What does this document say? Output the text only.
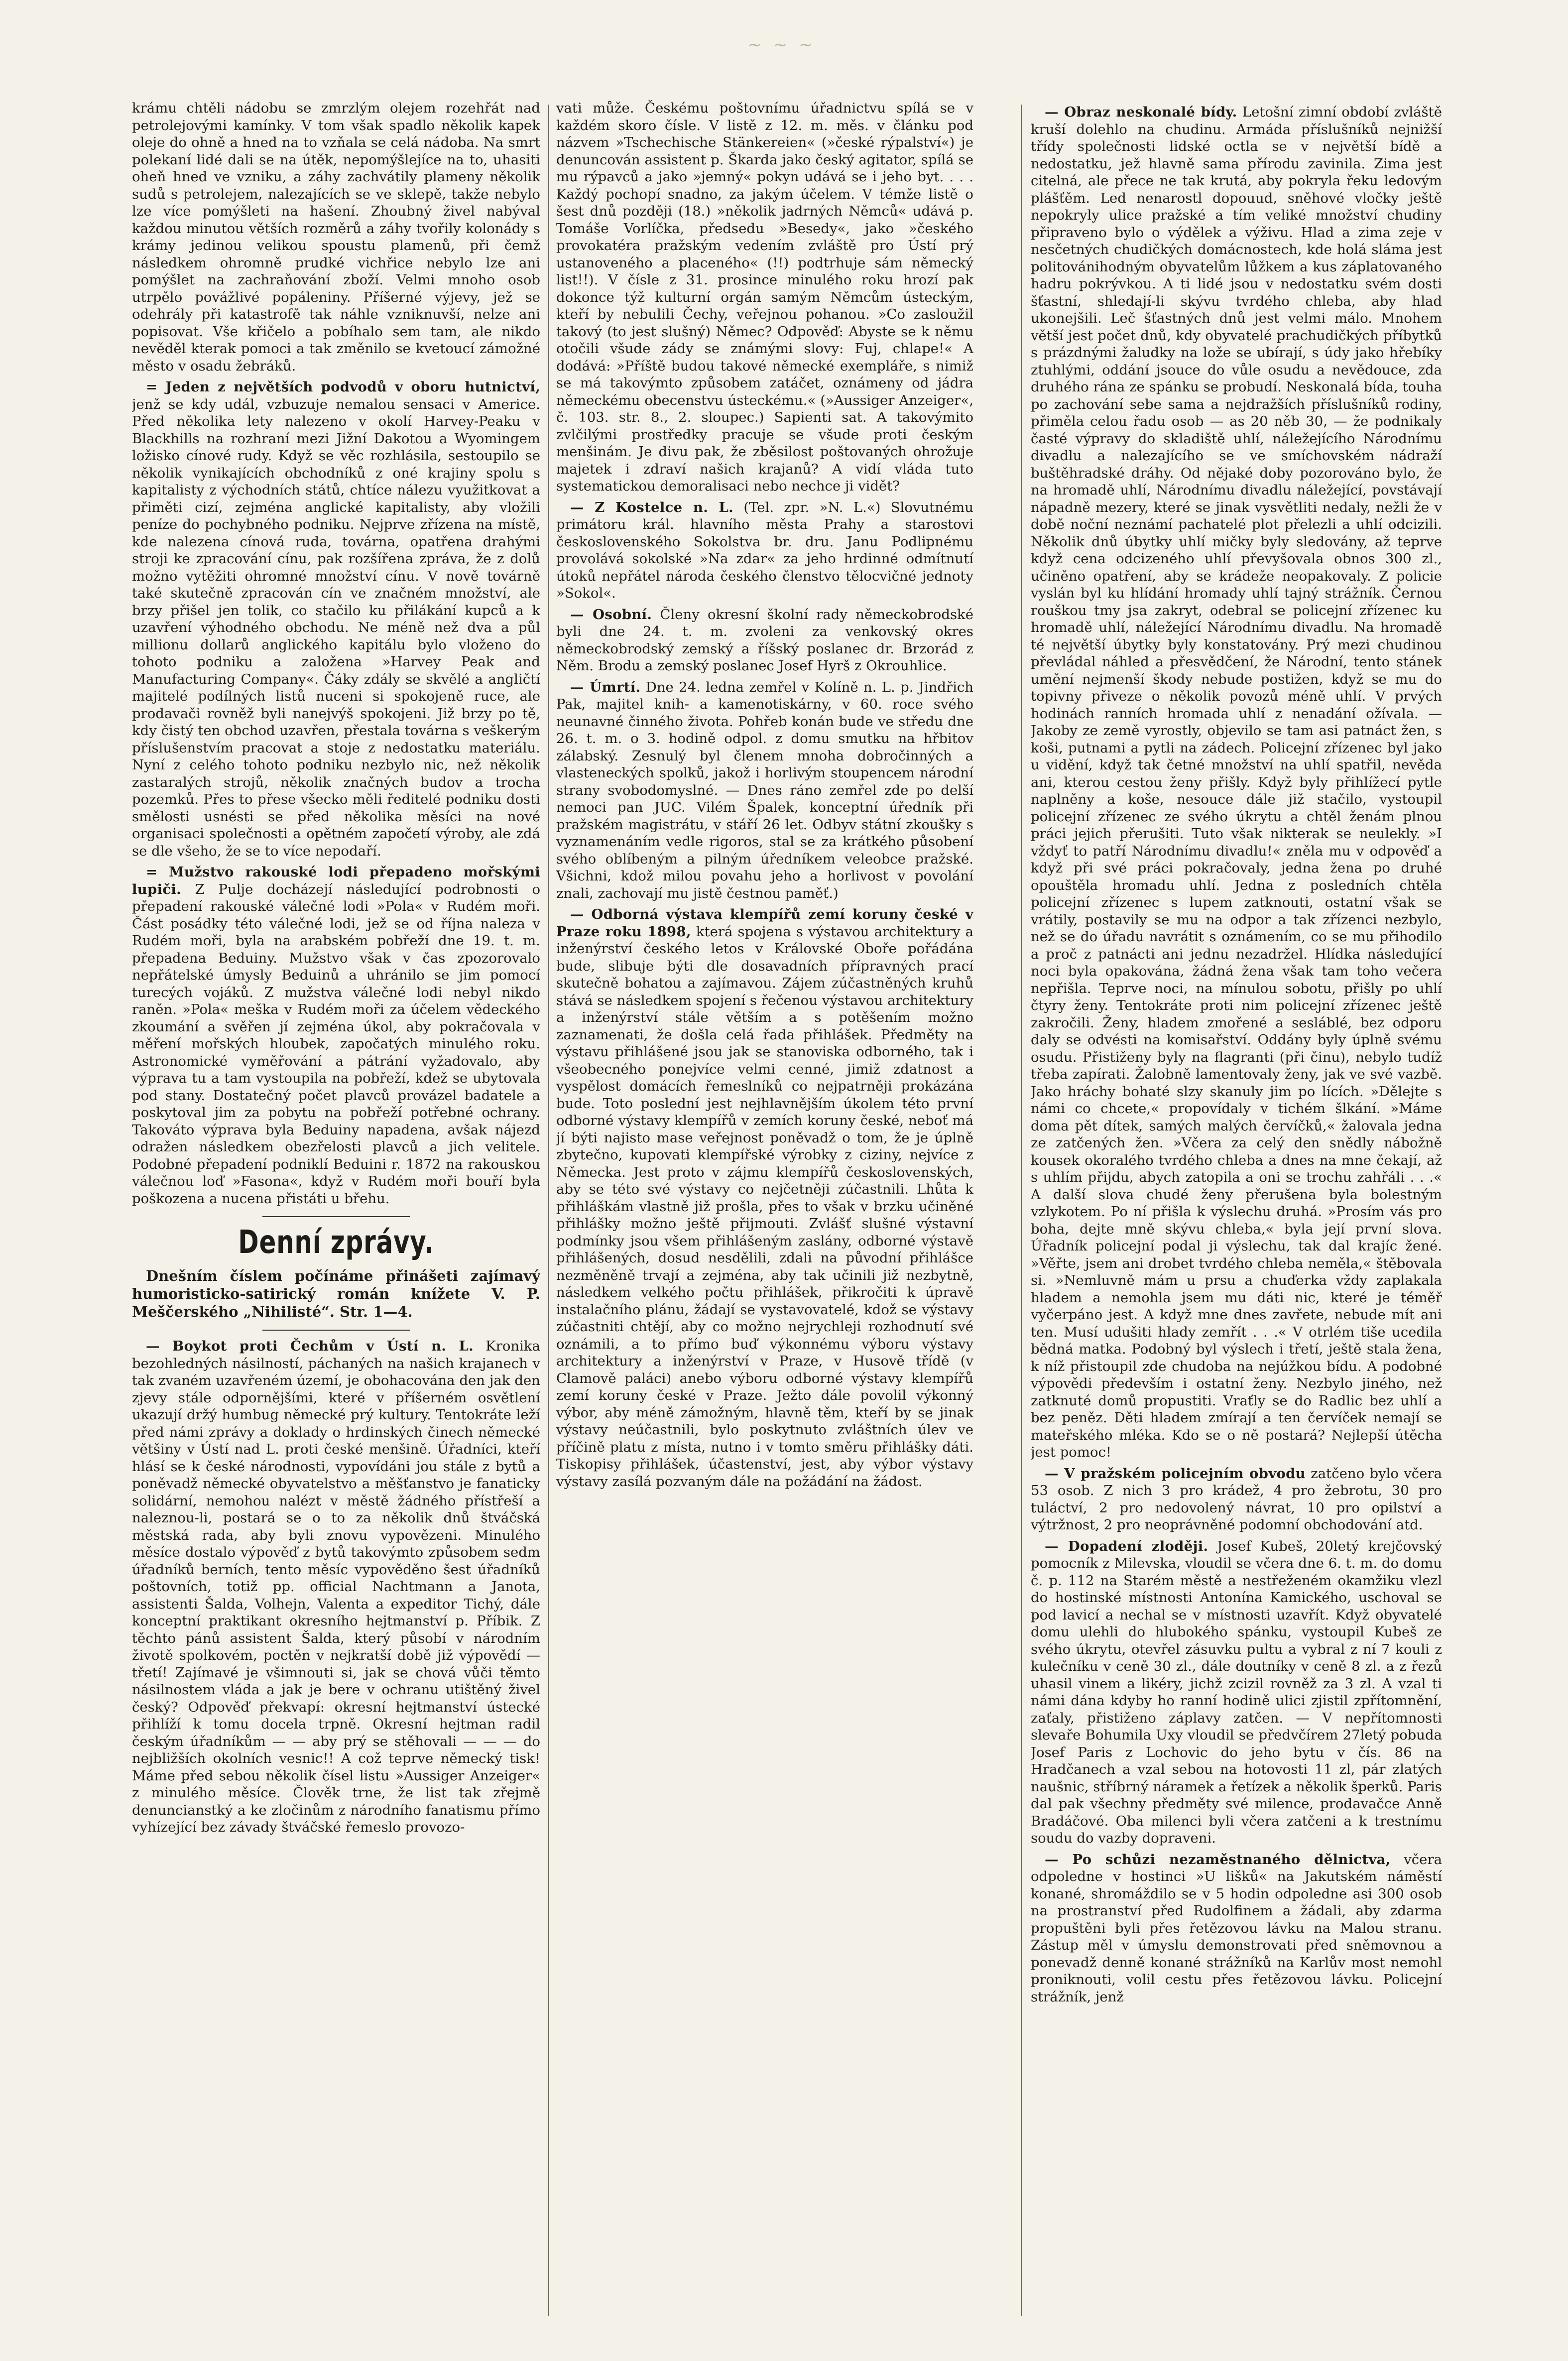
~ ~ ~

krámu chtěli nádobu se zmrzlým olejem rozehřát nad petrolejovými kamínky. V tom však spadlo několik kapek oleje do ohně a hned na to vzňala se celá nádoba. Na smrt polekaní lidé dali se na útěk, nepomýšlejíce na to, uhasiti oheň hned ve vzniku, a záhy zachvátily plameny několik sudů s petrolejem, nalezajících se ve sklepě, takže nebylo lze více pomýšleti na hašení. Zhoubný živel nabýval každou minutou větších rozměrů a záhy tvořily kolonády s krámy jedinou velikou spoustu plamenů, při čemž následkem ohromně prudké vichřice nebylo lze ani pomýšlet na zachraňování zboží. Velmi mnoho osob utrpělo povážlivé popáleniny. Příšerné výjevy, jež se odehrály při katastrofě tak náhle vzniknuvší, nelze ani popisovat. Vše křičelo a pobíhalo sem tam, ale nikdo nevěděl kterak pomoci a tak změnilo se kvetoucí zámožné město v osadu žebráků.

= Jeden z největších podvodů v oboru hutnictví, jenž se kdy udál, vzbuzuje nemalou sensaci v Americe. Před několika lety nalezeno v okolí Harvey-Peaku v Blackhills na rozhraní mezi Jižní Dakotou a Wyomingem ložisko cínové rudy. Když se věc rozhlásila, sestoupilo se několik vynikajících obchodníků z oné krajiny spolu s kapitalisty z východních států, chtíce nálezu využitkovat a přiměti cizí, zejména anglické kapitalisty, aby vložili peníze do pochybného podniku. Nejprve zřízena na místě, kde nalezena cínová ruda, továrna, opatřena drahými stroji ke zpracování cínu, pak rozšířena zpráva, že z dolů možno vytěžiti ohromné množství cínu. V nově továrně také skutečně zpracován cín ve značném množství, ale brzy přišel jen tolik, co stačilo ku přilákání kupců a k uzavření výhodného obchodu. Ne méně než dva a půl millionu dollarů anglického kapitálu bylo vloženo do tohoto podniku a založena »Harvey Peak and Manufacturing Company«. Čáky zdály se skvělé a angličtí majitelé podílných listů nuceni si spokojeně ruce, ale prodavači rovněž byli nanejvýš spokojeni. Již brzy po tě, kdy čistý ten obchod uzavřen, přestala továrna s veškerým příslušenstvím pracovat a stoje z nedostatku materiálu. Nyní z celého tohoto podniku nezbylo nic, než několik zastaralých strojů, několik značných budov a trocha pozemků. Přes to přese všecko měli ředitelé podniku dosti smělosti usnésti se před několika měsíci na nové organisaci společnosti a opětném započetí výroby, ale zdá se dle všeho, že se to více nepodaří.

= Mužstvo rakouské lodi přepadeno mořskými lupiči. Z Pulje docházejí následující podrobnosti o přepadení rakouské válečné lodi »Pola« v Rudém moři. Část posádky této válečné lodi, jež se od října naleza v Rudém moři, byla na arabském pobřeží dne 19. t. m. přepadena Beduiny. Mužstvo však v čas zpozorovalo nepřátelské úmysly Beduinů a uhránilo se jim pomocí turecých vojáků. Z mužstva válečné lodi nebyl nikdo raněn. »Pola« meška v Rudém moři za účelem vědeckého zkoumání a svěřen jí zejména úkol, aby pokračovala v měření mořských hloubek, započatých minulého roku. Astronomické vyměřování a pátrání vyžadovalo, aby výprava tu a tam vystoupila na pobřeží, kdež se ubytovala pod stany. Dostatečný počet plavců provázel badatele a poskytoval jim za pobytu na pobřeží potřebné ochrany. Takováto výprava byla Beduiny napadena, avšak nájezd odražen následkem obezřelosti plavců a jich velitele. Podobné přepadení podniklí Beduini r. 1872 na rakouskou válečnou loď »Fasona«, když v Rudém moři bouří byla poškozena a nucena přistáti u břehu.

Denní zprávy.

Dnešním číslem počínáme přinášeti zajímavý humoristicko-satirický román knížete V. P. Meščerského „Nihilisté“. Str. 1—4.

— Boykot proti Čechům v Ústí n. L. Kronika bezohledných násilností, páchaných na našich krajanech v tak zvaném uzavřeném území, je obohacována den jak den zjevy stále odpornějšími, které v příšerném osvětlení ukazují držý humbug německé prý kultury. Tentokráte leží před námi zprávy a doklady o hrdinských činech německé většiny v Ústí nad L. proti české menšině. Úřadníci, kteří hlásí se k české národnosti, vypovídáni jou stále z bytů a poněvadž německé obyvatelstvo a měšťanstvo je fanaticky solidární, nemohou nalézt v městě žádného přístřeší a naleznou-li, postará se o to za několik dnů štváčská městská rada, aby byli znovu vypovězeni. Minulého měsíce dostalo výpověď z bytů takovýmto způsobem sedm úřadníků berních, tento měsíc vypověděno šest úřadníků poštovních, totiž pp. official Nachtmann a Janota, assistenti Šalda, Volhejn, Valenta a expeditor Tichý, dále konceptní praktikant okresního hejtmanství p. Příbik. Z těchto pánů assistent Šalda, který působí v národním životě spolkovém, poctěn v nejkratší době již výpovědí — třetí! Zajímavé je všimnouti si, jak se chová vůči těmto násilnostem vláda a jak je bere v ochranu utištěný živel český? Odpověď překvapí: okresní hejtmanství ústecké přihlíží k tomu docela trpně. Okresní hejtman radil českým úřadníkům — — aby prý se stěhovali — — — do nejbližších okolních vesnic!! A což teprve německý tisk! Máme před sebou několik čísel listu »Aussiger Anzeiger« z minulého měsíce. Člověk trne, že list tak zřejmě denuncianstký a ke zločinům z národního fanatismu přímo vyhízející bez závady štváčské řemeslo provozo-

vati může. Českému poštovnímu úřadnictvu spílá se v každém skoro čísle. V listě z 12. m. měs. v článku pod názvem »Tschechische Stänkereien« (»české rýpalství«) je denuncován assistent p. Škarda jako český agitator, spílá se mu rýpavců a jako »jemný« pokyn udává se i jeho byt. . . . Každý pochopí snadno, za jakým účelem. V témže listě o šest dnů později (18.) »několik jadrných Němců« udává p. Tomáše Vorlíčka, předsedu »Besedy«, jako »českého provokatéra pražským vedením zvláště pro Ústí prý ustanoveného a placeného« (!!) podtrhuje sám německý list!!). V čísle z 31. prosince minulého roku hrozí pak dokonce týž kulturní orgán samým Němcům ústeckým, kteří by nebulili Čechy, veřejnou pohanou. »Co zasloužil takový (to jest slušný) Němec? Odpověď: Abyste se k němu otočili všude zády se známými slovy: Fuj, chlape!« A dodává: »Příště budou takové německé exempláře, s nimiž se má takovýmto způsobem zatáčet, oznámeny od jádra německému obecenstvu ústeckému.« (»Aussiger Anzeiger«, č. 103. str. 8., 2. sloupec.) Sapienti sat. A takovýmito zvlčilými prostředky pracuje se všude proti českým menšinám. Je divu pak, že zběsilost poštovaných ohrožuje majetek i zdraví našich krajanů? A vidí vláda tuto systematickou demoralisaci nebo nechce ji vidět?

— Z Kostelce n. L. (Tel. zpr. »N. L.«) Slovutnému primátoru král. hlavního města Prahy a starostovi československého Sokolstva br. dru. Janu Podlipnému provolává sokolské »Na zdar« za jeho hrdinné odmítnutí útoků nepřátel národa českého členstvo tělocvičné jednoty »Sokol«.

— Osobní. Členy okresní školní rady německobrodské byli dne 24. t. m. zvoleni za venkovský okres německobrodský zemský a říšský poslanec dr. Brzorád z Něm. Brodu a zemský poslanec Josef Hyrš z Okrouhlice.

— Úmrtí. Dne 24. ledna zemřel v Kolíně n. L. p. Jindřich Pak, majitel knih- a kamenotiskárny, v 60. roce svého neunavné činného života. Pohřeb konán bude ve středu dne 26. t. m. o 3. hodině odpol. z domu smutku na hřbitov zálabský. Zesnulý byl členem mnoha dobročinných a vlasteneckých spolků, jakož i horlivým stoupencem národní strany svobodomyslné. — Dnes ráno zemřel zde po delší nemoci pan JUC. Vilém Špalek, konceptní úředník při pražském magistrátu, v stáří 26 let. Odbyv státní zkoušky s vyznamenáním vedle rigoros, stal se za krátkého působení svého oblíbeným a pilným úředníkem veleobce pražské. Všichni, kdož milou povahu jeho a horlivost v povolání znali, zachovají mu jistě čestnou paměť.)

— Odborná výstava klempířů zemí koruny české v Praze roku 1898, která spojena s výstavou architektury a inženýrství českého letos v Královské Oboře pořádána bude, slibuje býti dle dosavadních přípravných prací skutečně bohatou a zajímavou. Zájem zúčastněných kruhů stává se následkem spojení s řečenou výstavou architektury a inženýrství stále větším a s potěšením možno zaznamenati, že došla celá řada přihlášek. Předměty na výstavu přihlášené jsou jak se stanoviska odborného, tak i všeobecného ponejvíce velmi cenné, jimiž zdatnost a vyspělost domácích řemeslníků co nejpatrněji prokázána bude. Toto poslední jest nejhlavnějším úkolem této první odborné výstavy klempířů v zemích koruny české, neboť má jí býti najisto mase veřejnost poněvadž o tom, že je úplně zbytečno, kupovati klempířské výrobky z ciziny, nejvíce z Německa. Jest proto v zájmu klempířů československých, aby se této své výstavy co nejčetněji zúčastnili. Lhůta k přihláškám vlastně již prošla, přes to však v brzku učiněné přihlášky možno ještě přijmouti. Zvlášť slušné výstavní podmínky jsou všem přihlášeným zaslány, odborné výstavě přihlášených, dosud nesdělili, zdali na původní přihlášce nezměněně trvají a zejména, aby tak učinili již nezbytně, následkem velkého počtu přihlášek, přikročiti k úpravě instalačního plánu, žádají se vystavovatelé, kdož se výstavy zúčastniti chtějí, aby co možno nejrychleji rozhodnutí své oznámili, a to přímo buď výkonnému výboru výstavy architektury a inženýrství v Praze, v Husově třídě (v Clamově paláci) anebo výboru odborné výstavy klempířů zemí koruny české v Praze. Ježto dále povolil výkonný výbor, aby méně zámožným, hlavně těm, kteří by se jinak výstavy neúčastnili, bylo poskytnuto zvláštních úlev ve příčině platu z místa, nutno i v tomto směru přihlášky dáti. Tiskopisy přihlášek, účastenství, jest, aby výbor výstavy výstavy zasílá pozvaným dále na požádání na žádost.

— Obraz neskonalé bídy. Letošní zimní období zvláště kruší dolehlo na chudinu. Armáda příslušníků nejnižší třídy společnosti lidské octla se v největší bídě a nedostatku, jež hlavně sama přírodu zavinila. Zima jest citelná, ale přece ne tak krutá, aby pokryla řeku ledovým plášťěm. Led nenarostl dopouud, sněhové vločky ještě nepokryly ulice pražské a tím veliké množství chudiny připraveno bylo o výdělek a výživu. Hlad a zima zeje v nesčetných chudičkých domácnostech, kde holá sláma jest politovánihodným obyvatelům lůžkem a kus záplatovaného hadru pokrývkou. A ti lidé jsou v nedostatku svém dosti šťastní, shledají-li skývu tvrdého chleba, aby hlad ukonejšili. Leč šťastných dnů jest velmi málo. Mnohem větší jest počet dnů, kdy obyvatelé prachudičkých příbytků s prázdnými žaludky na lože se ubírají, s údy jako hřebíky ztuhlými, oddání jsouce do vůle osudu a nevědouce, zda druhého rána ze spánku se probudí. Neskonalá bída, touha po zachování sebe sama a nejdražších příslušníků rodiny, přiměla celou řadu osob — as 20 něb 30, — že podnikaly časté výpravy do skladiště uhlí, náležejícího Národnímu divadlu a nalezajícího se ve smíchovském nádraží buštěhradské dráhy. Od nějaké doby pozorováno bylo, že na hromadě uhlí, Národnímu divadlu náležející, povstávají nápadně mezery, které se jinak vysvětliti nedaly, nežli že v době noční neznámí pachatelé plot přelezli a uhlí odcizili. Několik dnů úbytky uhlí mičky byly sledovány, až teprve když cena odcizeného uhlí převyšovala obnos 300 zl., učiněno opatření, aby se krádeže neopakovaly. Z policie vyslán byl ku hlídání hromady uhlí tajný strážník. Černou rouškou tmy jsa zakryt, odebral se policejní zřízenec ku hromadě uhlí, náležející Národnímu divadlu. Na hromadě té největší úbytky byly konstatovány. Prý mezi chudinou převládal náhled a přesvědčení, že Národní, tento stánek umění nejmenší škody nebude postižen, když se mu do topivny přiveze o několik povozů méně uhlí. V prvých hodinách ranních hromada uhlí z nenadání ožívala. — Jakoby ze země vyrostly, objevilo se tam asi patnáct žen, s koši, putnami a pytli na zádech. Policejní zřízenec byl jako u vidění, když tak četné množství na uhlí spatřil, nevěda ani, kterou cestou ženy přišly. Když byly přihlížecí pytle naplněny a koše, nesouce dále již stačilo, vystoupil policejní zřízenec ze svého úkrytu a chtěl ženám plnou práci jejich přerušiti. Tuto však nikterak se neulekly. »I vždyť to patří Národnímu divadlu!« zněla mu v odpověď a když při své práci pokračovaly, jedna žena po druhé opouštěla hromadu uhlí. Jedna z posledních chtěla policejní zřízenec s lupem zatknouti, ostatní však se vrátily, postavily se mu na odpor a tak zřízenci nezbylo, než se do úřadu navrátit s oznámením, co se mu přihodilo a proč z patnácti ani jednu nezadržel. Hlídka následující noci byla opakována, žádná žena však tam toho večera nepřišla. Teprve noci, na mínulou sobotu, přišly po uhlí čtyry ženy. Tentokráte proti nim policejní zřízenec ještě zakročili. Ženy, hladem zmořené a sesláblé, bez odporu daly se odvésti na komisařství. Oddány byly úplně svému osudu. Přistiženy byly na flagranti (při činu), nebylo tudíž třeba zapírati. Žalobně lamentovaly ženy, jak ve své vazbě. Jako hráchy bohaté slzy skanuly jim po lících. »Dělejte s námi co chcete,« propovídaly v tichém šlkání. »Máme doma pět dítek, samých malých červíčků,« žalovala jedna ze zatčených žen. »Včera za celý den snědly nábožně kousek okoralého tvrdého chleba a dnes na mne čekají, až s uhlím přijdu, abych zatopila a oni se trochu zahřáli . . .« A další slova chudé ženy přerušena byla bolestným vzlykotem. Po ní přišla k výslechu druhá. »Prosím vás pro boha, dejte mně skývu chleba,« byla její první slova. Úřadník policejní podal ji výslechu, tak dal krajíc žené. »Věřte, jsem ani drobet tvrdého chleba neměla,« štěbovala si. »Nemluvně mám u prsu a chuďerka vždy zaplakala hladem a nemohla jsem mu dáti nic, které je téměř vyčerpáno jest. A když mne dnes zavřete, nebude mít ani ten. Musí udušiti hlady zemřít . . .« V otrlém tiše ucedila bědná matka. Podobný byl výslech i třetí, ještě stala žena, k níž přistoupil zde chudoba na nejúžkou bídu. A podobné výpovědi především i ostatní ženy. Nezbylo jiného, než zatknuté domů propustiti. Vraťly se do Radlic bez uhlí a bez peněz. Děti hladem zmírají a ten červíček nemají se mateřského mléka. Kdo se o ně postará? Nejlepší útěcha jest pomoc!

— V pražském policejním obvodu zatčeno bylo včera 53 osob. Z nich 3 pro krádež, 4 pro žebrotu, 30 pro tuláctví, 2 pro nedovolený návrat, 10 pro opilství a výtržnost, 2 pro neoprávněné podomní obchodování atd.

— Dopadení zloději. Josef Kubeš, 20letý krejčovský pomocník z Milevska, vloudil se včera dne 6. t. m. do domu č. p. 112 na Starém městě a nestřeženém okamžiku vlezl do hostinské místnosti Antonína Kamického, uschoval se pod lavicí a nechal se v místnosti uzavřít. Když obyvatelé domu ulehli do hlubokého spánku, vystoupil Kubeš ze svého úkrytu, otevřel zásuvku pultu a vybral z ní 7 kouli z kulečníku v ceně 30 zl., dále doutníky v ceně 8 zl. a z řezů uhasil vinem a likéry, jichž zcizil rovněž za 3 zl. A vzal ti námi dána kdyby ho ranní hodině ulici zjistil zpřítomnění, zaťaly, přistiženo záplavy zatčen. — V nepřítomnosti slevaře Bohumila Uxy vloudil se předvčírem 27letý pobuda Josef Paris z Lochovic do jeho bytu v čís. 86 na Hradčanech a vzal sebou na hotovosti 11 zl, pár zlatých naušnic, stříbrný náramek a řetízek a několik šperků. Paris dal pak všechny předměty své milence, prodavačce Anně Bradáčové. Oba milenci byli včera zatčeni a k trestnímu soudu do vazby dopraveni.

— Po schůzi nezaměstnaného dělnictva, včera odpoledne v hostinci »U lišků« na Jakutském náměstí konané, shromáždilo se v 5 hodin odpoledne asi 300 osob na prostranství před Rudolfinem a žádali, aby zdarma propuštěni byli přes řetězovou lávku na Malou stranu. Zástup měl v úmyslu demonstrovati před sněmovnou a ponevadž denně konané strážníků na Karlův most nemohl proniknouti, volil cestu přes řetězovou lávku. Policejní strážník, jenž
